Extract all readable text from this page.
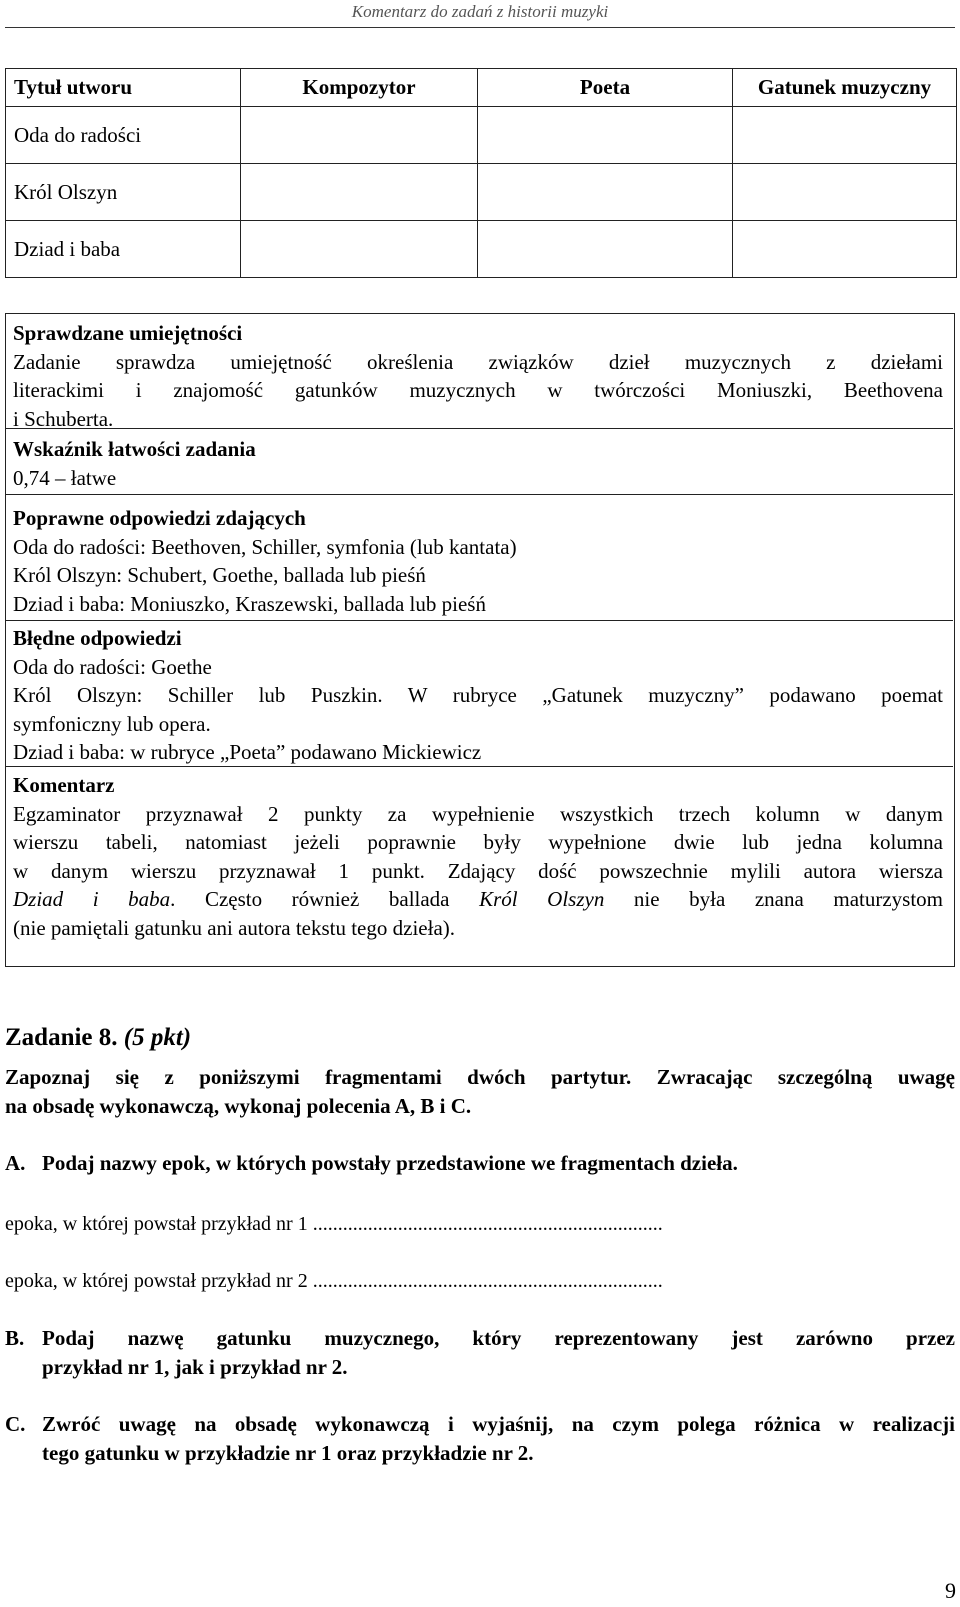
Komentarz do zadań z historii muzyki
Tytuł utworu	Kompozytor	Poeta	Gatunek muzyczny
Oda do radości			
Król Olszyn			
Dziad i baba			
Sprawdzane umiejętności
Zadanie sprawdza umiejętność określenia związków dzieł muzycznych z dziełami
literackimi i znajomość gatunków muzycznych w twórczości Moniuszki, Beethovena
i Schuberta.
Wskaźnik łatwości zadania
0,74 – łatwe
Poprawne odpowiedzi zdających
Oda do radości: Beethoven, Schiller, symfonia (lub kantata)
Król Olszyn: Schubert, Goethe, ballada lub pieśń
Dziad i baba: Moniuszko, Kraszewski, ballada lub pieśń
Błędne odpowiedzi
Oda do radości: Goethe
Król Olszyn: Schiller lub Puszkin. W rubryce „Gatunek muzyczny” podawano poemat
symfoniczny lub opera.
Dziad i baba: w rubryce „Poeta” podawano Mickiewicz
Komentarz
Egzaminator przyznawał 2 punkty za wypełnienie wszystkich trzech kolumn w danym
wierszu tabeli, natomiast jeżeli poprawnie były wypełnione dwie lub jedna kolumna
w danym wierszu przyznawał 1 punkt. Zdający dość powszechnie mylili autora wiersza
Dziad i baba. Często również ballada Król Olszyn nie była znana maturzystom
(nie pamiętali gatunku ani autora tekstu tego dzieła).
Zadanie 8. (5 pkt)
Zapoznaj się z poniższymi fragmentami dwóch partytur. Zwracając szczególną uwagę
na obsadę wykonawczą, wykonaj polecenia A, B i C.
A. Podaj nazwy epok, w których powstały przedstawione we fragmentach dzieła.
epoka, w której powstał przykład nr 1 ......................................................................
epoka, w której powstał przykład nr 2 ......................................................................
B. Podaj nazwę gatunku muzycznego, który reprezentowany jest zarówno przez
przykład nr 1, jak i przykład nr 2.
C. Zwróć uwagę na obsadę wykonawczą i wyjaśnij, na czym polega różnica w realizacji
tego gatunku w przykładzie nr 1 oraz przykładzie nr 2.
9
